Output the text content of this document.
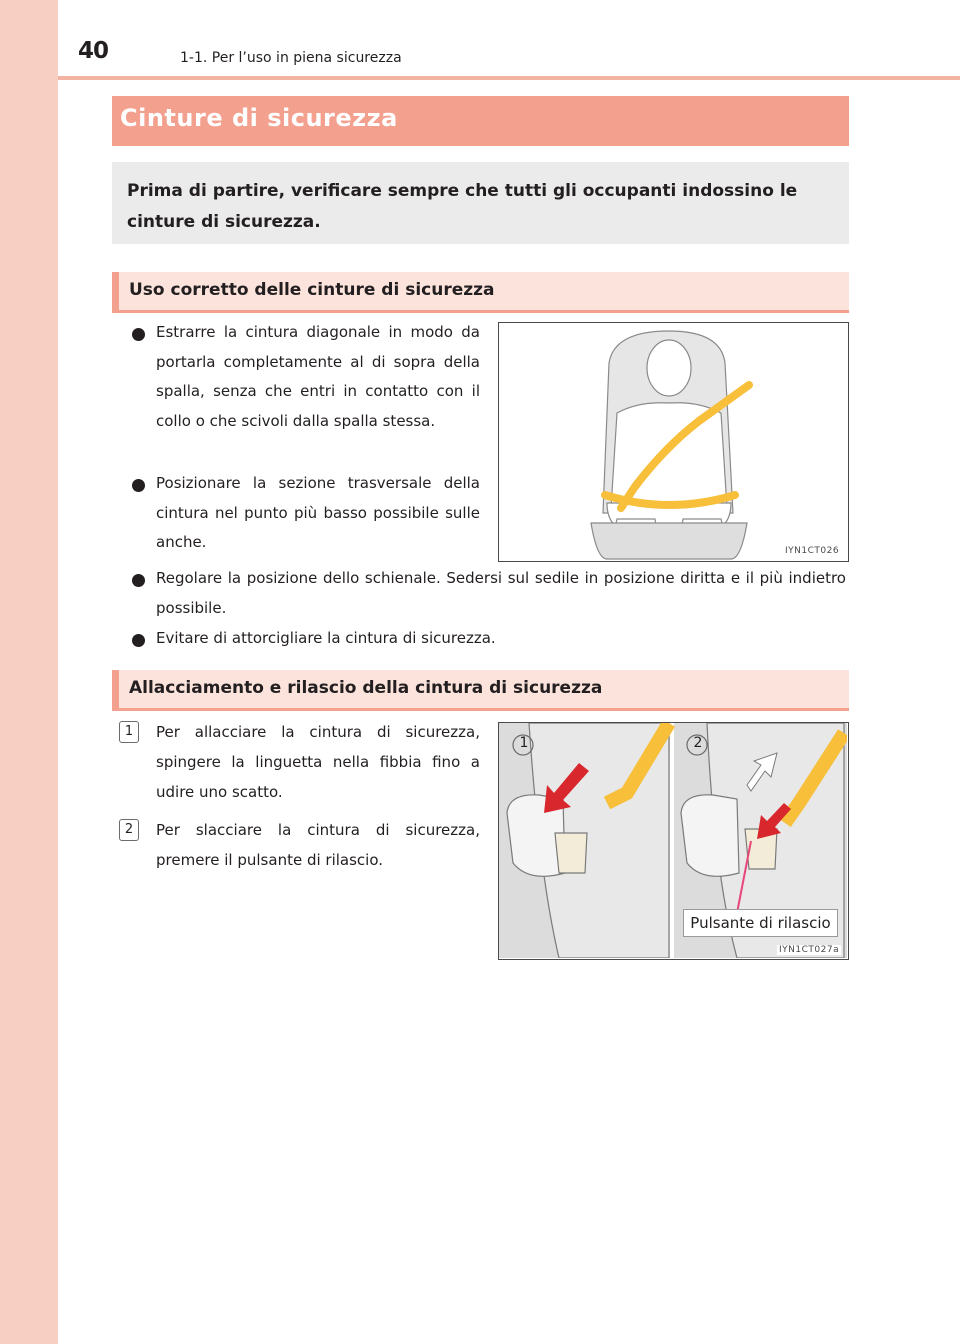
40	1-1. Per l’uso in piena sicurezza
Cinture di sicurezza
Prima di partire, verificare sempre che tutti gli occupanti indossino le cinture di sicurezza.
Uso corretto delle cinture di sicurezza
Estrarre la cintura diagonale in modo da portarla completamente al di sopra della spalla, senza che entri in contatto con il collo o che scivoli dalla spalla stessa.
Posizionare la sezione trasversale della cintura nel punto più basso possibile sulle anche.
Regolare la posizione dello schienale. Sedersi sul sedile in posizione diritta e il più indietro possibile.
Evitare di attorcigliare la cintura di sicurezza.
IYN1CT026
Allacciamento e rilascio della cintura di sicurezza
1	Per allacciare la cintura di sicurezza, spingere la linguetta nella fibbia fino a udire uno scatto.
2	Per slacciare la cintura di sicurezza, premere il pulsante di rilascio.
1	2
IYN1CT027a
Pulsante di rilascio
